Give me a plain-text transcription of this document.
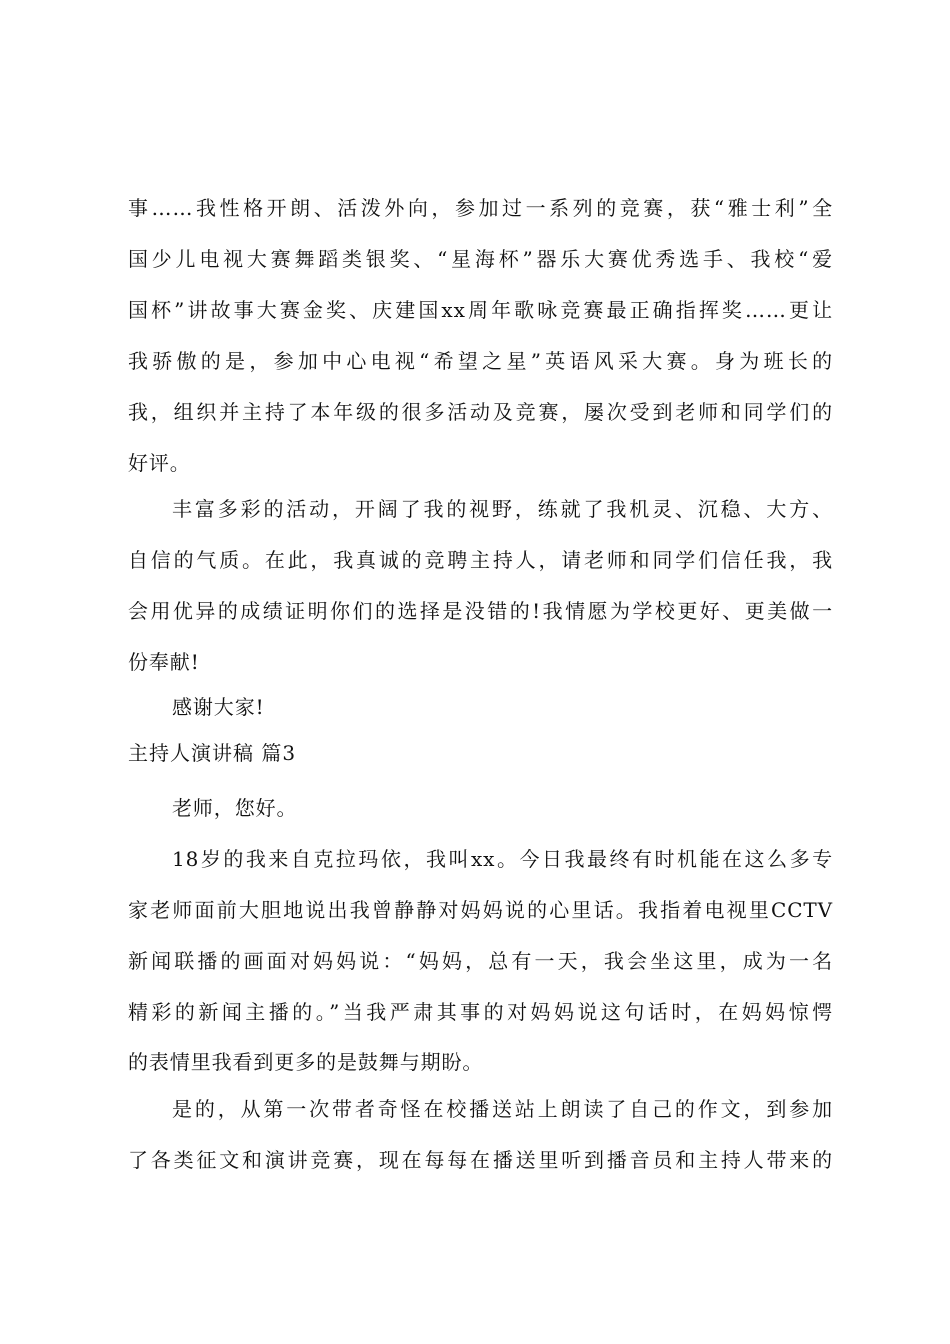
事……我性格开朗、活泼外向，参加过一系列的竞赛，获“雅士利”全
国少儿电视大赛舞蹈类银奖、“星海杯”器乐大赛优秀选手、我校“爱
国杯”讲故事大赛金奖、庆建国xx周年歌咏竞赛最正确指挥奖……更让
我骄傲的是，参加中心电视“希望之星”英语风采大赛。身为班长的
我，组织并主持了本年级的很多活动及竞赛，屡次受到老师和同学们的
好评。
丰富多彩的活动，开阔了我的视野，练就了我机灵、沉稳、大方、
自信的气质。在此，我真诚的竞聘主持人，请老师和同学们信任我，我
会用优异的成绩证明你们的选择是没错的!我情愿为学校更好、更美做一
份奉献!
感谢大家!
主持人演讲稿 篇3
老师，您好。
18岁的我来自克拉玛依，我叫xx。今日我最终有时机能在这么多专
家老师面前大胆地说出我曾静静对妈妈说的心里话。我指着电视里CCTV
新闻联播的画面对妈妈说：“妈妈，总有一天，我会坐这里，成为一名
精彩的新闻主播的。”当我严肃其事的对妈妈说这句话时，在妈妈惊愕
的表情里我看到更多的是鼓舞与期盼。
是的，从第一次带者奇怪在校播送站上朗读了自己的作文，到参加
了各类征文和演讲竞赛，现在每每在播送里听到播音员和主持人带来的
